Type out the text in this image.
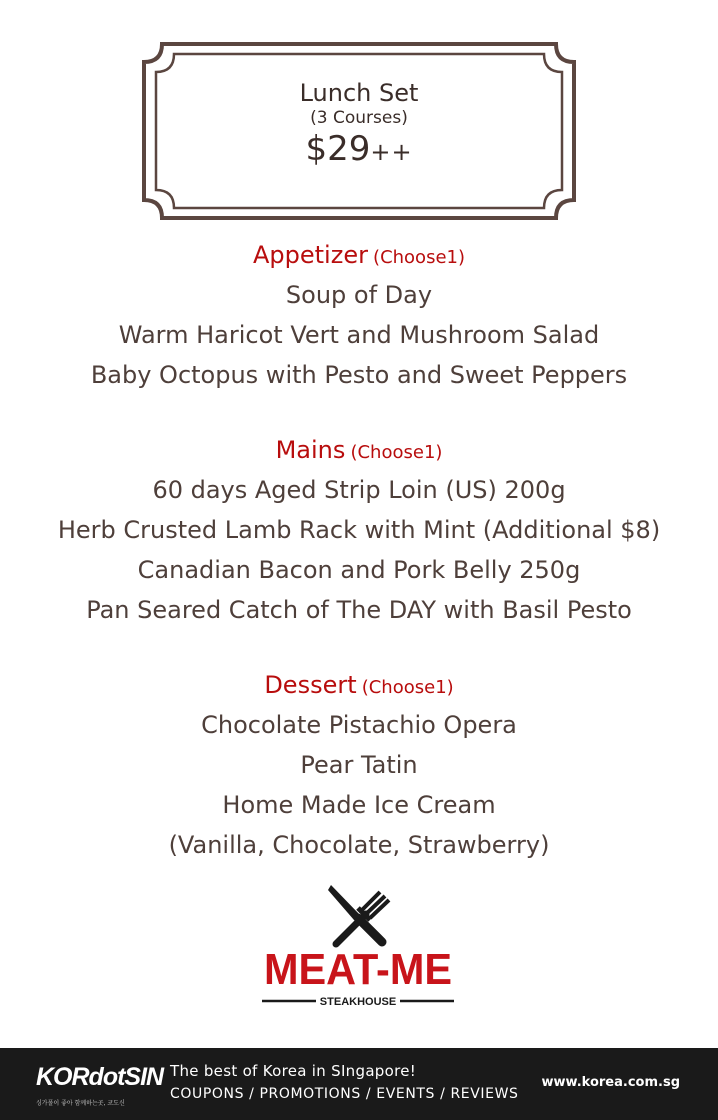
Lunch Set
(3 Courses)
$29++
Appetizer (Choose1)
Soup of Day
Warm Haricot Vert and Mushroom Salad
Baby Octopus with Pesto and Sweet Peppers
Mains (Choose1)
60 days Aged Strip Loin (US) 200g
Herb Crusted Lamb Rack with Mint (Additional $8)
Canadian Bacon and Pork Belly 250g
Pan Seared Catch of The DAY with Basil Pesto
Dessert (Choose1)
Chocolate Pistachio Opera
Pear Tatin
Home Made Ice Cream
(Vanilla, Chocolate, Strawberry)
MEAT-ME
STEAKHOUSE
KORdotSIN
싱가폴이 좋아 함께하는곳, 코도신
The best of Korea in SIngapore!
COUPONS / PROMOTIONS / EVENTS / REVIEWS
www.korea.com.sg
